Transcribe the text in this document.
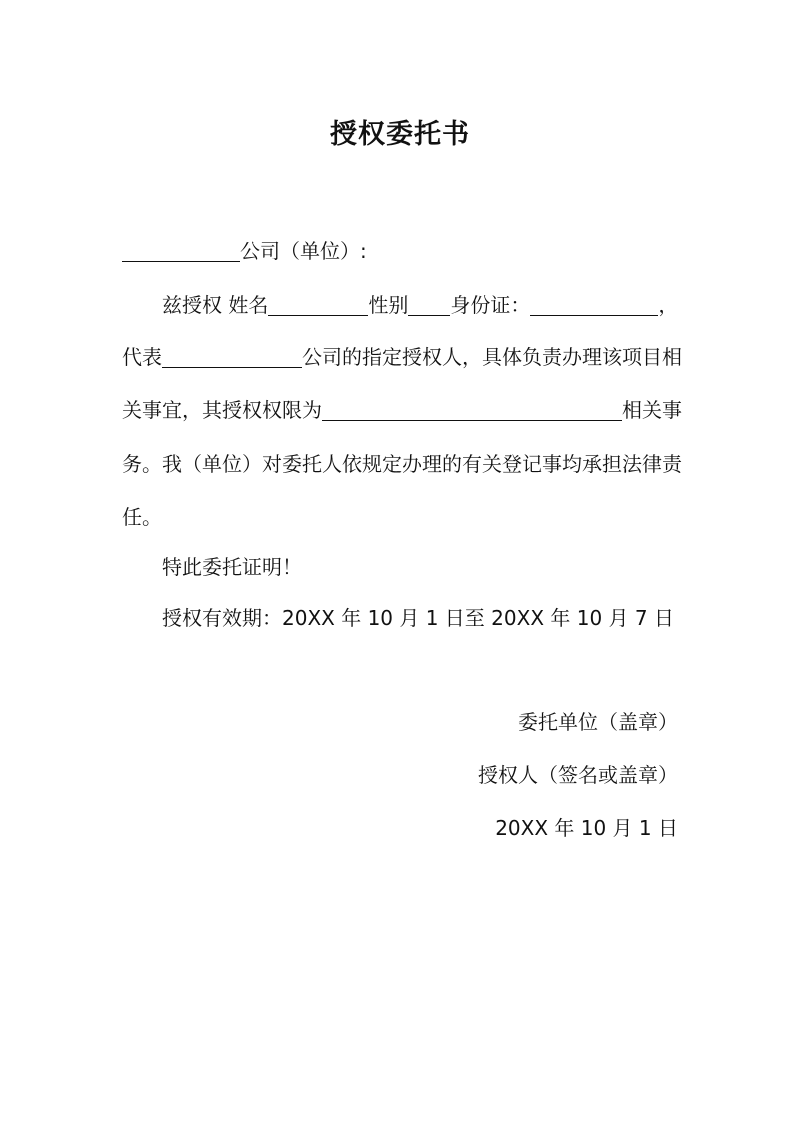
授权委托书
公司（单位）:
兹授权 姓名	性别 身份证：	，
代表	公司的指定授权人，具体负责办理该项目相
关事宜，其授权权限为	相关事
务。我（单位）对委托人依规定办理的有关登记事均承担法律责
任。
特此委托证明！
授权有效期：20XX 年 10 月 1 日至 20XX 年 10 月 7 日
委托单位（盖章）
授权人（签名或盖章）
20XX 年 10 月 1 日
